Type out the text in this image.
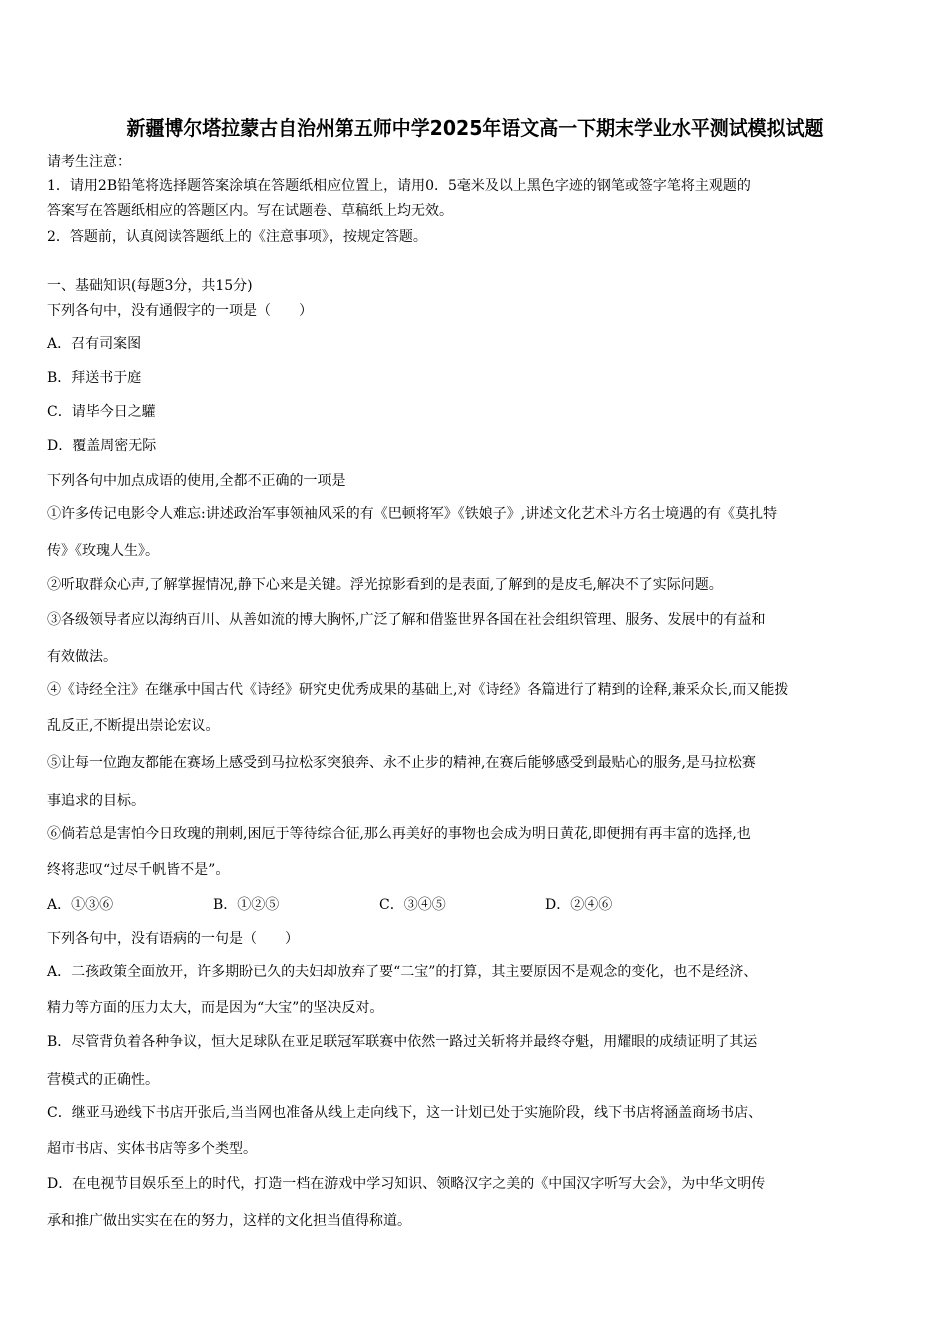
新疆博尔塔拉蒙古自治州第五师中学2025年语文高一下期末学业水平测试模拟试题
请考生注意：
1．请用2B铅笔将选择题答案涂填在答题纸相应位置上，请用0．5毫米及以上黑色字迹的钢笔或签字笔将主观题的
答案写在答题纸相应的答题区内。写在试题卷、草稿纸上均无效。
2．答题前，认真阅读答题纸上的《注意事项》，按规定答题。
一、基础知识(每题3分，共15分)
下列各句中，没有通假字的一项是（　　）
A．召有司案图
B．拜送书于庭
C．请毕今日之驩
D．覆盖周密无际
下列各句中加点成语的使用,全都不正确的一项是
①许多传记电影令人难忘:讲述政治军事领袖风采的有《巴顿将军》《铁娘子》,讲述文化艺术斗方名士境遇的有《莫扎特
传》《玫瑰人生》。
②听取群众心声,了解掌握情况,静下心来是关键。浮光掠影看到的是表面,了解到的是皮毛,解决不了实际问题。
③各级领导者应以海纳百川、从善如流的博大胸怀,广泛了解和借鉴世界各国在社会组织管理、服务、发展中的有益和
有效做法。
④《诗经全注》在继承中国古代《诗经》研究史优秀成果的基础上,对《诗经》各篇进行了精到的诠释,兼采众长,而又能拨
乱反正,不断提出崇论宏议。
⑤让每一位跑友都能在赛场上感受到马拉松豕突狼奔、永不止步的精神,在赛后能够感受到最贴心的服务,是马拉松赛
事追求的目标。
⑥倘若总是害怕今日玫瑰的荆刺,困厄于等待综合征,那么再美好的事物也会成为明日黄花,即便拥有再丰富的选择,也
终将悲叹“过尽千帆皆不是”。
A．①③⑥	B．①②⑤	C．③④⑤	D．②④⑥
下列各句中，没有语病的一句是（　　）
A．二孩政策全面放开，许多期盼已久的夫妇却放弃了要“二宝”的打算，其主要原因不是观念的变化，也不是经济、
精力等方面的压力太大，而是因为“大宝”的坚决反对。
B．尽管背负着各种争议，恒大足球队在亚足联冠军联赛中依然一路过关斩将并最终夺魁，用耀眼的成绩证明了其运
营模式的正确性。
C．继亚马逊线下书店开张后,当当网也准备从线上走向线下，这一计划已处于实施阶段，线下书店将涵盖商场书店、
超市书店、实体书店等多个类型。
D．在电视节目娱乐至上的时代，打造一档在游戏中学习知识、领略汉字之美的《中国汉字听写大会》，为中华文明传
承和推广做出实实在在的努力，这样的文化担当值得称道。
